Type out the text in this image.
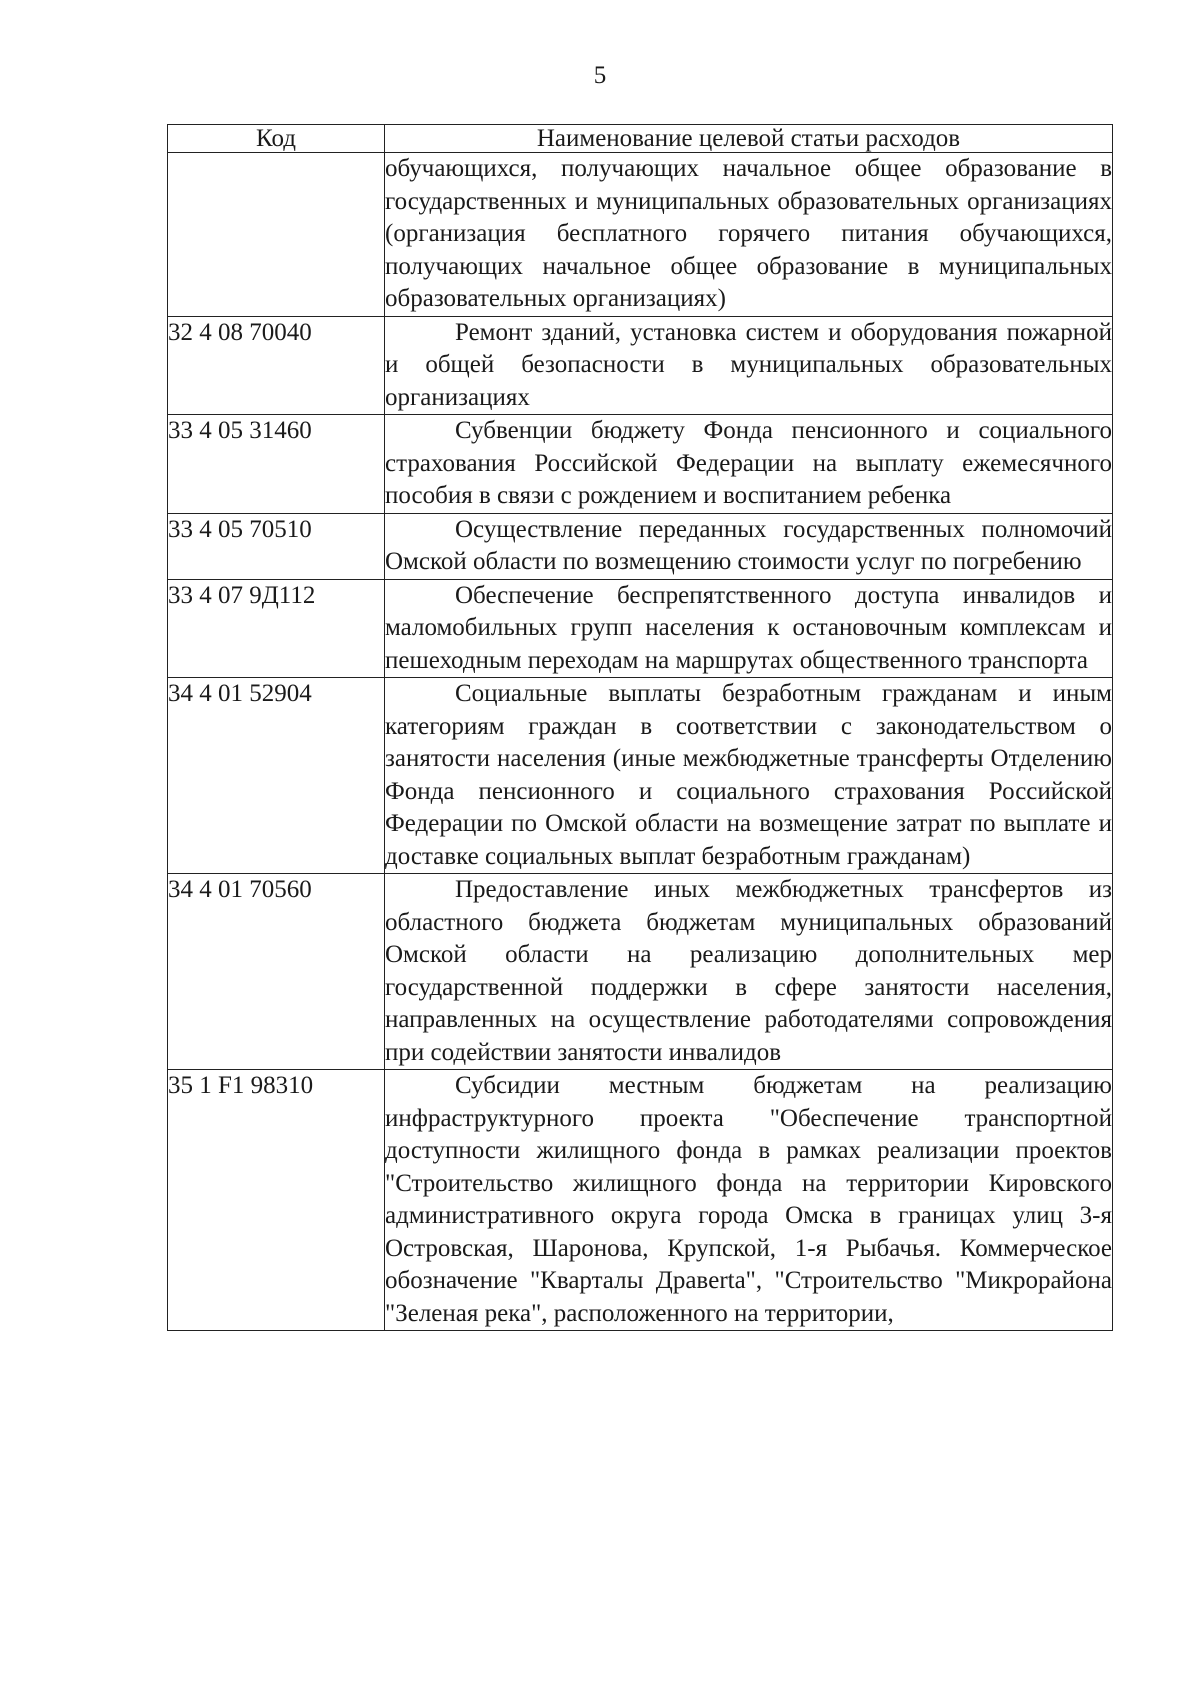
5
Код	Наименование целевой статьи расходов
	обучающихся, получающих начальное общее образование в государственных и муниципальных образовательных организациях (организация бесплатного горячего питания обучающихся, получающих начальное общее образование в муниципальных образовательных организациях)
32 4 08 70040	Ремонт зданий, установка систем и оборудования пожарной и общей безопасности в муниципальных образовательных организациях
33 4 05 31460	Субвенции бюджету Фонда пенсионного и социального страхования Российской Федерации на выплату ежемесячного пособия в связи с рождением и воспитанием ребенка
33 4 05 70510	Осуществление переданных государственных полномочий Омской области по возмещению стоимости услуг по погребению
33 4 07 9Д112	Обеспечение беспрепятственного доступа инвалидов и маломобильных групп населения к остановочным комплексам и пешеходным переходам на маршрутах общественного транспорта
34 4 01 52904	Социальные выплаты безработным гражданам и иным категориям граждан в соответствии с законодательством о занятости населения (иные межбюджетные трансферты Отделению Фонда пенсионного и социального страхования Российской Федерации по Омской области на возмещение затрат по выплате и доставке социальных выплат безработным гражданам)
34 4 01 70560	Предоставление иных межбюджетных трансфертов из областного бюджета бюджетам муниципальных образований Омской области на реализацию дополнительных мер государственной поддержки в сфере занятости населения, направленных на осуществление работодателями сопровождения при содействии занятости инвалидов
35 1 F1 98310	Субсидии местным бюджетам на реализацию инфраструктурного проекта "Обеспечение транспортной доступности жилищного фонда в рамках реализации проектов "Строительство жилищного фонда на территории Кировского административного округа города Омска в границах улиц 3-я Островская, Шаронова, Крупской, 1-я Рыбачья. Коммерческое обозначение "Кварталы Дравerta", "Строительство "Микрорайона "Зеленая река", расположенного на территории,
